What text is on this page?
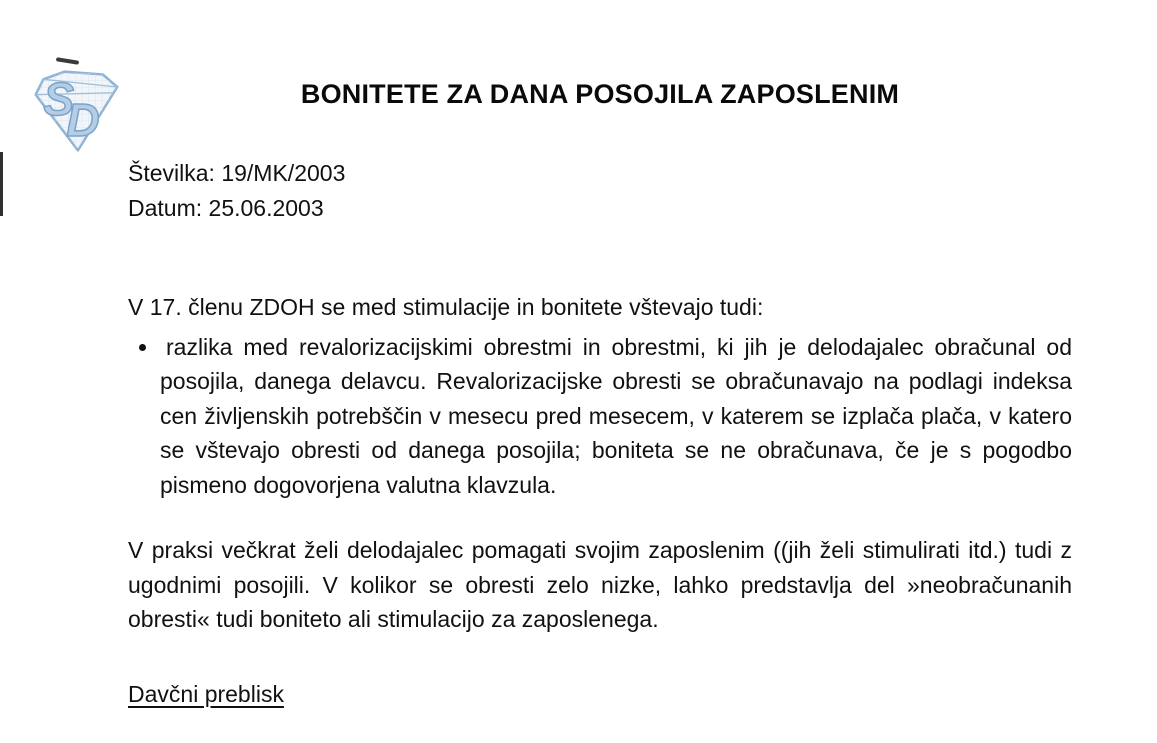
S
D	BONITETE ZA DANA POSOJILA ZAPOSLENIM
Številka: 19/MK/2003
Datum: 25.06.2003
V 17. členu ZDOH se med stimulacije in bonitete vštevajo tudi:
• razlika med revalorizacijskimi obrestmi in obrestmi, ki jih je delodajalec obračunal od posojila, danega delavcu. Revalorizacijske obresti se obračunavajo na podlagi indeksa cen življenskih potrebščin v mesecu pred mesecem, v katerem se izplača plača, v katero se vštevajo obresti od danega posojila; boniteta se ne obračunava, če je s pogodbo pismeno dogovorjena valutna klavzula.
V praksi večkrat želi delodajalec pomagati svojim zaposlenim ((jih želi stimulirati itd.) tudi z ugodnimi posojili. V kolikor se obresti zelo nizke, lahko predstavlja del »neobračunanih obresti« tudi boniteto ali stimulacijo za zaposlenega.
Davčni preblisk
